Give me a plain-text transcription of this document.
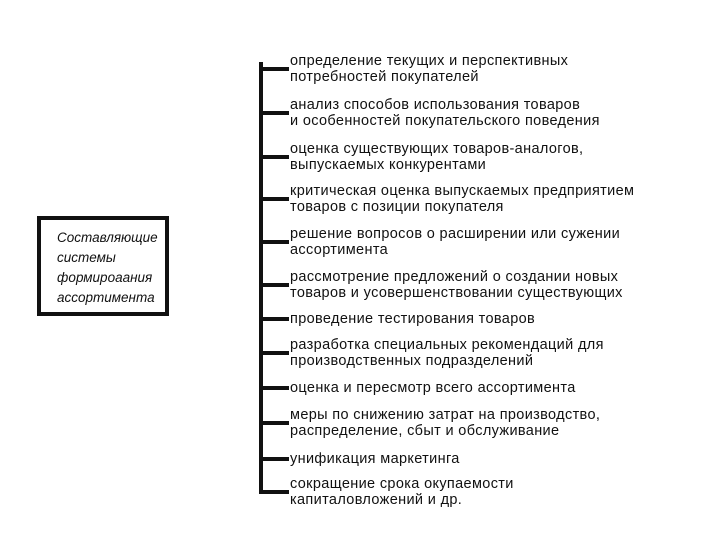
Составляющие
системы
формироаания
ассортимента
определение текущих и перспективных
потребностей покупателей
анализ способов использования товаров
и особенностей покупательского поведения
оценка существующих товаров-аналогов,
выпускаемых конкурентами
критическая оценка выпускаемых предприятием
товаров с позиции покупателя
решение вопросов о расширении или сужении
ассортимента
рассмотрение предложений о создании новых
товаров и усовершенствовании существующих
проведение тестирования товаров
разработка специальных рекомендаций для
производственных подразделений
оценка и пересмотр всего ассортимента
меры по снижению затрат на производство,
распределение, сбыт и обслуживание
унификация маркетинга
сокращение срока окупаемости
капиталовложений и др.
